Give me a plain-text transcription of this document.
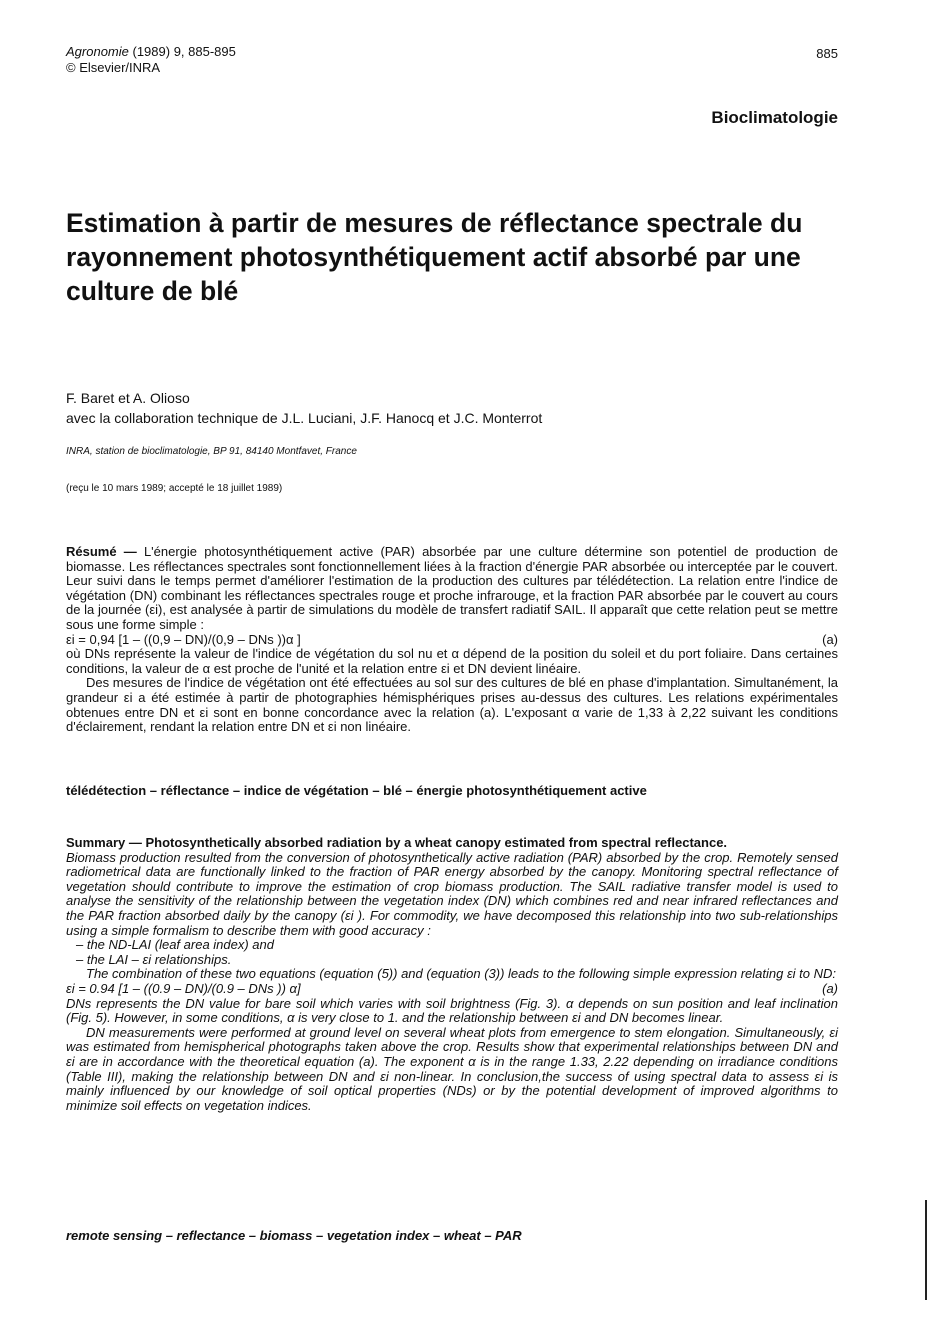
Agronomie (1989) 9, 885-895
© Elsevier/INRA
885
Bioclimatologie
Estimation à partir de mesures de réflectance spectrale du rayonnement photosynthétiquement actif absorbé par une culture de blé
F. Baret et A. Olioso
avec la collaboration technique de J.L. Luciani, J.F. Hanocq et J.C. Monterrot
INRA, station de bioclimatologie, BP 91, 84140 Montfavet, France
(reçu le 10 mars 1989; accepté le 18 juillet 1989)

Résumé — L'énergie photosynthétiquement active (PAR) absorbée par une culture détermine son potentiel de production de biomasse. Les réflectances spectrales sont fonctionnellement liées à la fraction d'énergie PAR absorbée ou interceptée par le couvert. Leur suivi dans le temps permet d'améliorer l'estimation de la production des cultures par télédétection. La relation entre l'indice de végétation (DN) combinant les réflectances spectrales rouge et proche infrarouge, et la fraction PAR absorbée par le couvert au cours de la journée (εi), est analysée à partir de simulations du modèle de transfert radiatif SAIL. Il apparaît que cette relation peut se mettre sous une forme simple :

εi = 0,94 [1 – ((0,9 – DN)/(0,9 – DNs ))α ]	(a)

où DNs représente la valeur de l'indice de végétation du sol nu et α dépend de la position du soleil et du port foliaire. Dans certaines conditions, la valeur de α est proche de l'unité et la relation entre εi et DN devient linéaire.

Des mesures de l'indice de végétation ont été effectuées au sol sur des cultures de blé en phase d'implantation. Simultanément, la grandeur εi a été estimée à partir de photographies hémisphériques prises au-dessus des cultures. Les relations expérimentales obtenues entre DN et εi sont en bonne concordance avec la relation (a). L'exposant α varie de 1,33 à 2,22 suivant les conditions d'éclairement, rendant la relation entre DN et εi non linéaire.

télédétection – réflectance – indice de végétation – blé – énergie photosynthétiquement active

Summary — Photosynthetically absorbed radiation by a wheat canopy estimated from spectral reflectance.

Biomass production resulted from the conversion of photosynthetically active radiation (PAR) absorbed by the crop. Remotely sensed radiometrical data are functionally linked to the fraction of PAR energy absorbed by the canopy. Monitoring spectral reflectance of vegetation should contribute to improve the estimation of crop biomass production. The SAIL radiative transfer model is used to analyse the sensitivity of the relationship between the vegetation index (DN) which combines red and near infrared reflectances and the PAR fraction absorbed daily by the canopy (εi ). For commodity, we have decomposed this relationship into two sub-relationships using a simple formalism to describe them with good accuracy :

– the ND-LAI (leaf area index) and

– the LAI – εi relationships.

The combination of these two equations (equation (5)) and (equation (3)) leads to the following simple expression relating εi to ND:

εi = 0.94 [1 – ((0.9 – DN)/(0.9 – DNs )) α]	(a)

DNs represents the DN value for bare soil which varies with soil brightness (Fig. 3). α depends on sun position and leaf inclination (Fig. 5). However, in some conditions, α is very close to 1. and the relationship between εi and DN becomes linear.

DN measurements were performed at ground level on several wheat plots from emergence to stem elongation. Simultaneously, εi was estimated from hemispherical photographs taken above the crop. Results show that experimental relationships between DN and εi are in accordance with the theoretical equation (a). The exponent α is in the range 1.33, 2.22 depending on irradiance conditions (Table III), making the relationship between DN and εi non-linear. In conclusion,the success of using spectral data to assess εi is mainly influenced by our knowledge of soil optical properties (NDs) or by the potential development of improved algorithms to minimize soil effects on vegetation indices.

remote sensing – reflectance – biomass – vegetation index – wheat – PAR
